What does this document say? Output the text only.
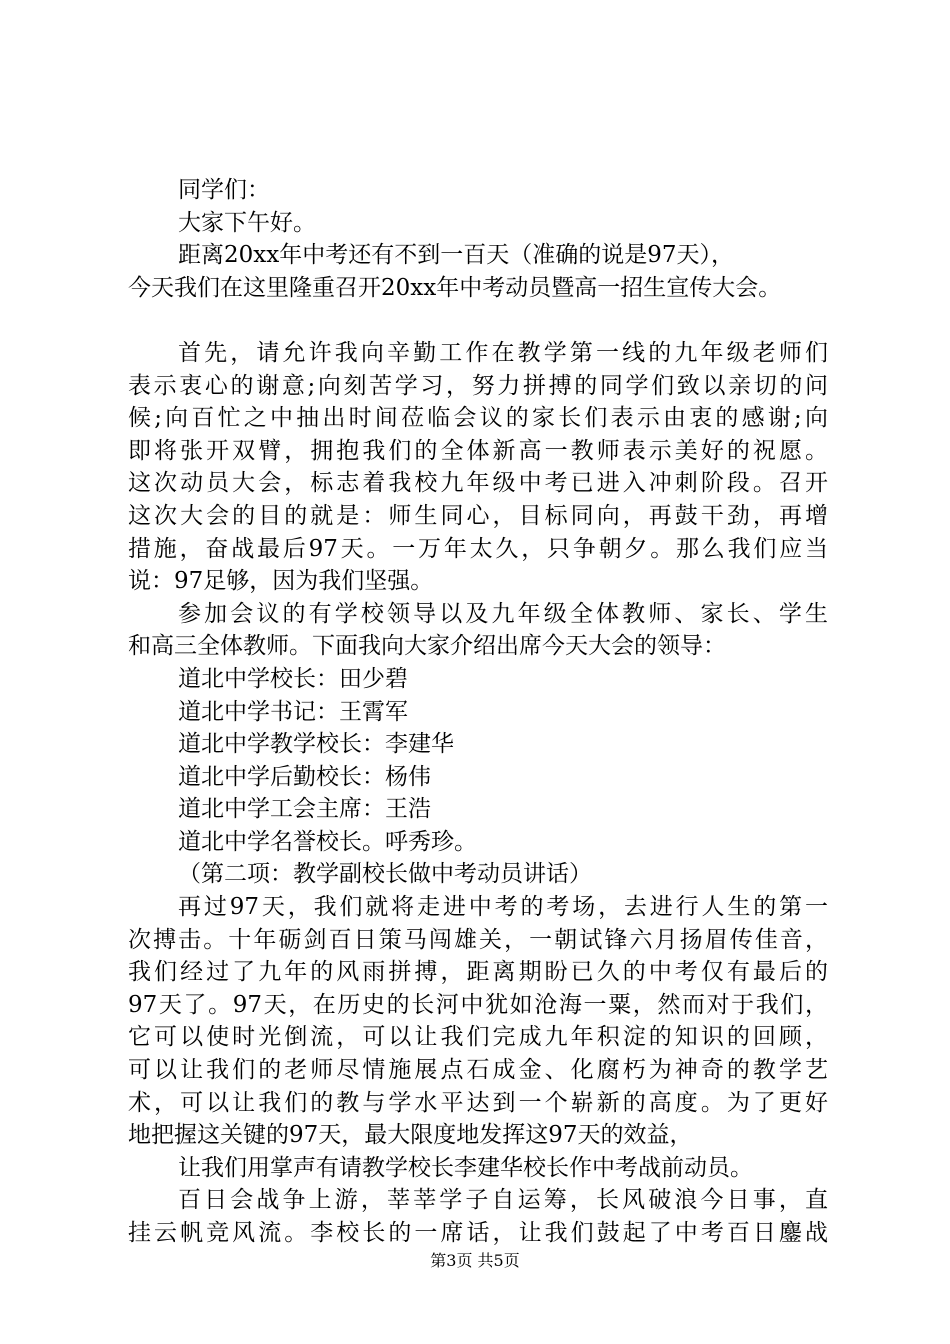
同学们：
大家下午好。
距离20xx年中考还有不到一百天（准确的说是97天），
今天我们在这里隆重召开20xx年中考动员暨高一招生宣传大会。
首先，请允许我向辛勤工作在教学第一线的九年级老师们
表示衷心的谢意;向刻苦学习，努力拼搏的同学们致以亲切的问
候;向百忙之中抽出时间莅临会议的家长们表示由衷的感谢;向
即将张开双臂，拥抱我们的全体新高一教师表示美好的祝愿。
这次动员大会，标志着我校九年级中考已进入冲刺阶段。召开
这次大会的目的就是：师生同心，目标同向，再鼓干劲，再增
措施，奋战最后97天。一万年太久，只争朝夕。那么我们应当
说：97足够，因为我们坚强。
参加会议的有学校领导以及九年级全体教师、家长、学生
和高三全体教师。下面我向大家介绍出席今天大会的领导：
道北中学校长：田少碧
道北中学书记：王霄军
道北中学教学校长：李建华
道北中学后勤校长：杨伟
道北中学工会主席：王浩
道北中学名誉校长。呼秀珍。
（第二项：教学副校长做中考动员讲话）
再过97天，我们就将走进中考的考场，去进行人生的第一
次搏击。十年砺剑百日策马闯雄关，一朝试锋六月扬眉传佳音，
我们经过了九年的风雨拼搏，距离期盼已久的中考仅有最后的
97天了。97天，在历史的长河中犹如沧海一粟，然而对于我们，
它可以使时光倒流，可以让我们完成九年积淀的知识的回顾，
可以让我们的老师尽情施展点石成金、化腐朽为神奇的教学艺
术，可以让我们的教与学水平达到一个崭新的高度。为了更好
地把握这关键的97天，最大限度地发挥这97天的效益，
让我们用掌声有请教学校长李建华校长作中考战前动员。
百日会战争上游，莘莘学子自运筹，长风破浪今日事，直
挂云帆竞风流。李校长的一席话，让我们鼓起了中考百日鏖战
第3页 共5页
